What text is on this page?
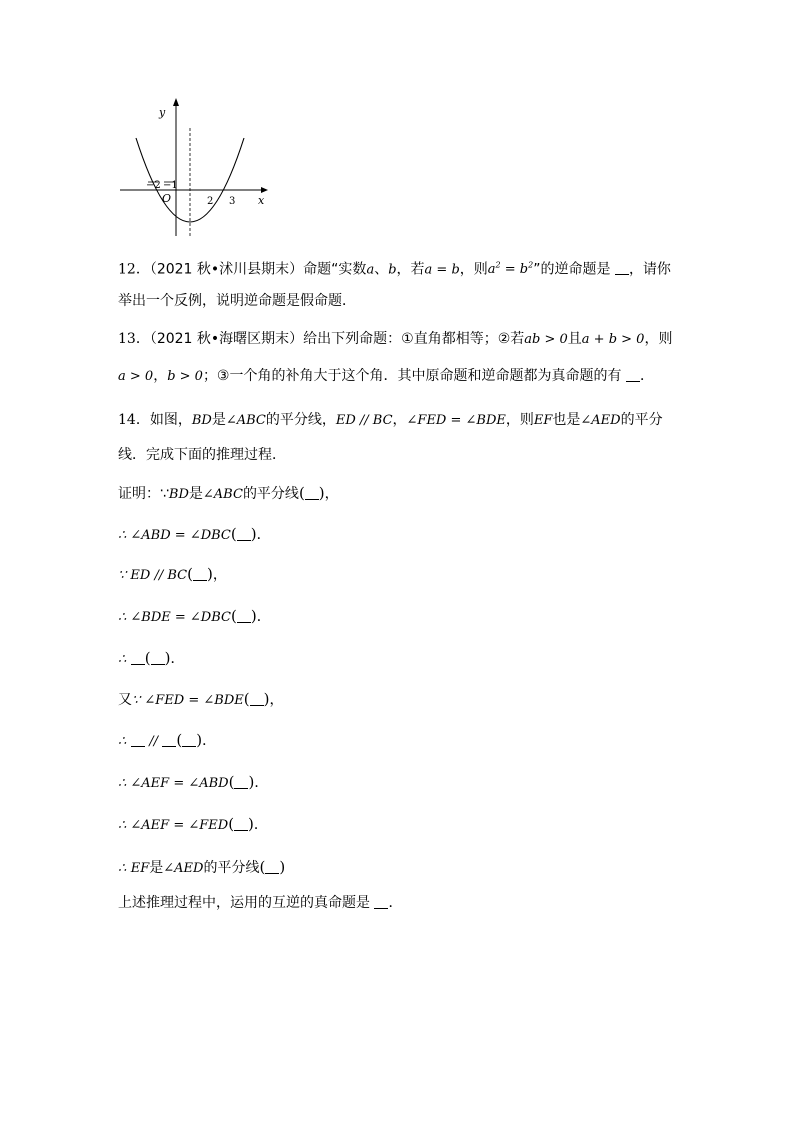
y
x
O
−2 −1
2 3
12．（2021 秋•沭川县期末）命题“实数a、b，若a = b，则$a^2 = b^2$”的逆命题是 ，请你
举出一个反例，说明逆命题是假命题．
13．（2021 秋•海曙区期末）给出下列命题：①直角都相等；②若ab > 0且a + b > 0，则
a > 0，b > 0；③一个角的补角大于这个角．其中原命题和逆命题都为真命题的有 ．
14．如图，BD是∠ABC的平分线，ED // BC，∠FED = ∠BDE，则EF也是∠AED的平分
线．完成下面的推理过程．
证明：∵BD是∠ABC的平分线( )，
∴ ∠ABD = ∠DBC( )．
∵ ED // BC( )，
∴ ∠BDE = ∠DBC( )．
∴ ( )．
又∵ ∠FED = ∠BDE( )，
∴ // ( )．
∴ ∠AEF = ∠ABD( )．
∴ ∠AEF = ∠FED( )．
∴ EF是∠AED的平分线( )
上述推理过程中，运用的互逆的真命题是 ．
